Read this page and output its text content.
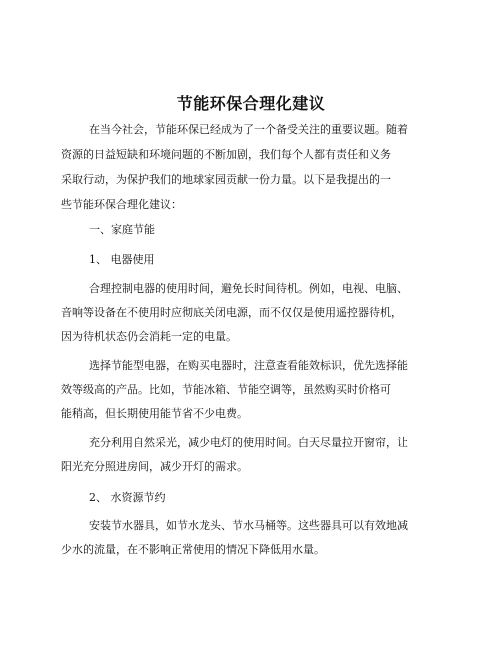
节能环保合理化建议
在当今社会，节能环保已经成为了一个备受关注的重要议题。随着
资源的日益短缺和环境问题的不断加剧，我们每个人都有责任和义务
采取行动，为保护我们的地球家园贡献一份力量。以下是我提出的一
些节能环保合理化建议：
一、家庭节能
1、 电器使用
合理控制电器的使用时间，避免长时间待机。例如，电视、电脑、
音响等设备在不使用时应彻底关闭电源，而不仅仅是使用遥控器待机，
因为待机状态仍会消耗一定的电量。
选择节能型电器，在购买电器时，注意查看能效标识，优先选择能
效等级高的产品。比如，节能冰箱、节能空调等，虽然购买时价格可
能稍高，但长期使用能节省不少电费。
充分利用自然采光，减少电灯的使用时间。白天尽量拉开窗帘，让
阳光充分照进房间，减少开灯的需求。
2、 水资源节约
安装节水器具，如节水龙头、节水马桶等。这些器具可以有效地减
少水的流量，在不影响正常使用的情况下降低用水量。
